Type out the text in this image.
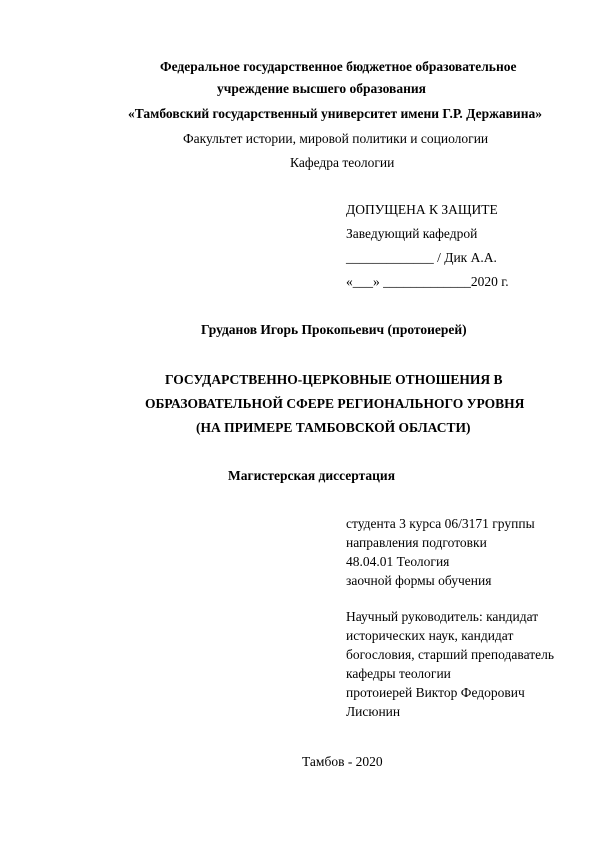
Федеральное государственное бюджетное образовательное
учреждение высшего образования
«Тамбовский государственный университет имени Г.Р. Державина»
Факультет истории, мировой политики и социологии
Кафедра теологии
ДОПУЩЕНА К ЗАЩИТЕ
Заведующий кафедрой
_____________ / Дик А.А.
«___» _____________2020 г.
Груданов Игорь Прокопьевич (протоиерей)
ГОСУДАРСТВЕННО-ЦЕРКОВНЫЕ ОТНОШЕНИЯ В
ОБРАЗОВАТЕЛЬНОЙ СФЕРЕ РЕГИОНАЛЬНОГО УРОВНЯ
(НА ПРИМЕРЕ ТАМБОВСКОЙ ОБЛАСТИ)
Магистерская диссертация
студента 3 курса 06/3171 группы
направления подготовки
48.04.01 Теология
заочной формы обучения
Научный руководитель: кандидат
исторических наук, кандидат
богословия, старший преподаватель
кафедры теологии
протоиерей Виктор Федорович
Лисюнин
Тамбов - 2020
